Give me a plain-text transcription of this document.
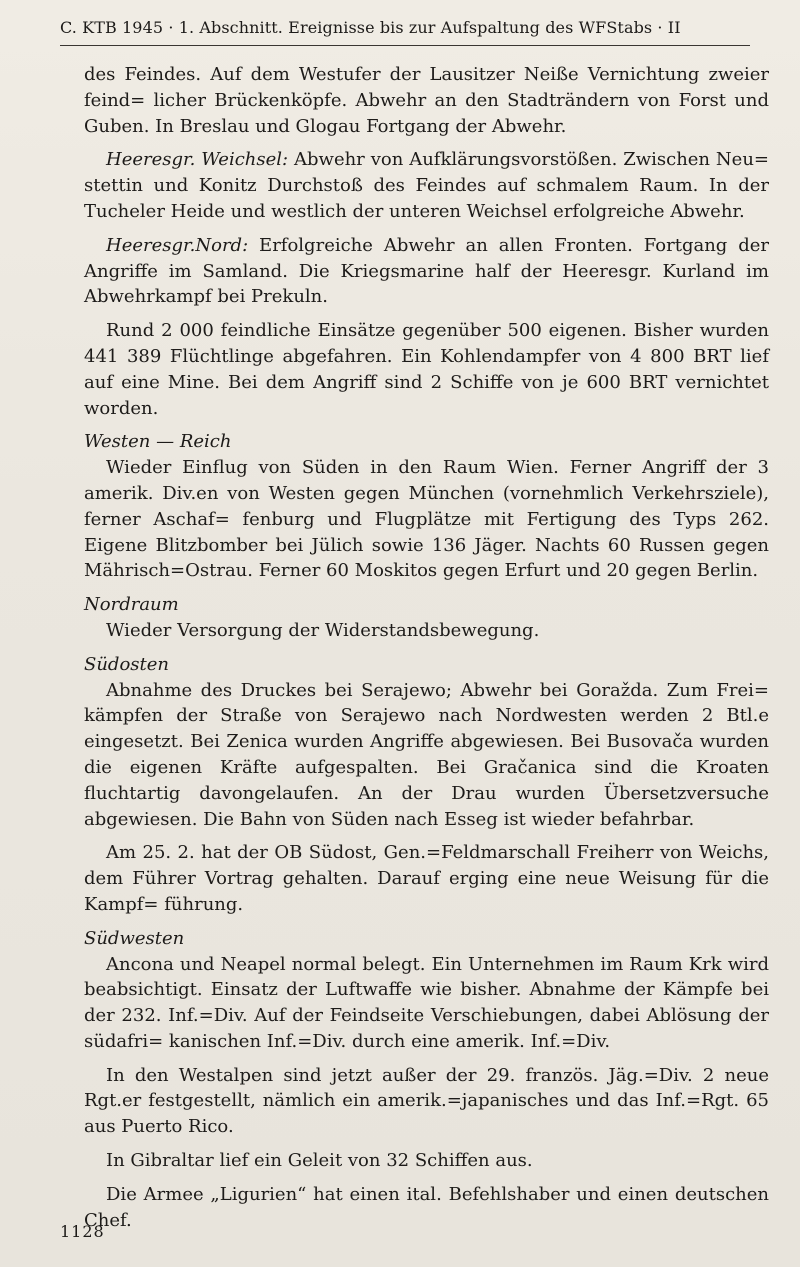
C. KTB 1945 · 1. Abschnitt. Ereignisse bis zur Aufspaltung des WFStabs · II

des Feindes. Auf dem Westufer der Lausitzer Neiße Vernichtung zweier feind= licher Brückenköpfe. Abwehr an den Stadträndern von Forst und Guben. In Breslau und Glogau Fortgang der Abwehr.

Heeresgr. Weichsel: Abwehr von Aufklärungsvorstößen. Zwischen Neu= stettin und Konitz Durchstoß des Feindes auf schmalem Raum. In der Tucheler Heide und westlich der unteren Weichsel erfolgreiche Abwehr.

Heeresgr.Nord: Erfolgreiche Abwehr an allen Fronten. Fortgang der Angriffe im Samland. Die Kriegsmarine half der Heeresgr. Kurland im Abwehrkampf bei Prekuln.

Rund 2 000 feindliche Einsätze gegenüber 500 eigenen. Bisher wurden 441 389 Flüchtlinge abgefahren. Ein Kohlendampfer von 4 800 BRT lief auf eine Mine. Bei dem Angriff sind 2 Schiffe von je 600 BRT vernichtet worden.

Westen — Reich

Wieder Einflug von Süden in den Raum Wien. Ferner Angriff der 3 amerik. Div.en von Westen gegen München (vornehmlich Verkehrsziele), ferner Aschaf= fenburg und Flugplätze mit Fertigung des Typs 262. Eigene Blitzbomber bei Jülich sowie 136 Jäger. Nachts 60 Russen gegen Mährisch=Ostrau. Ferner 60 Moskitos gegen Erfurt und 20 gegen Berlin.

Nordraum

Wieder Versorgung der Widerstandsbewegung.

Südosten

Abnahme des Druckes bei Serajewo; Abwehr bei Goražda. Zum Frei= kämpfen der Straße von Serajewo nach Nordwesten werden 2 Btl.e eingesetzt. Bei Zenica wurden Angriffe abgewiesen. Bei Busovača wurden die eigenen Kräfte aufgespalten. Bei Gračanica sind die Kroaten fluchtartig davongelaufen. An der Drau wurden Übersetzversuche abgewiesen. Die Bahn von Süden nach Esseg ist wieder befahrbar.

Am 25. 2. hat der OB Südost, Gen.=Feldmarschall Freiherr von Weichs, dem Führer Vortrag gehalten. Darauf erging eine neue Weisung für die Kampf= führung.

Südwesten

Ancona und Neapel normal belegt. Ein Unternehmen im Raum Krk wird beabsichtigt. Einsatz der Luftwaffe wie bisher. Abnahme der Kämpfe bei der 232. Inf.=Div. Auf der Feindseite Verschiebungen, dabei Ablösung der südafri= kanischen Inf.=Div. durch eine amerik. Inf.=Div.

In den Westalpen sind jetzt außer der 29. französ. Jäg.=Div. 2 neue Rgt.er festgestellt, nämlich ein amerik.=japanisches und das Inf.=Rgt. 65 aus Puerto Rico.

In Gibraltar lief ein Geleit von 32 Schiffen aus.

Die Armee „Ligurien“ hat einen ital. Befehlshaber und einen deutschen Chef.

1128
